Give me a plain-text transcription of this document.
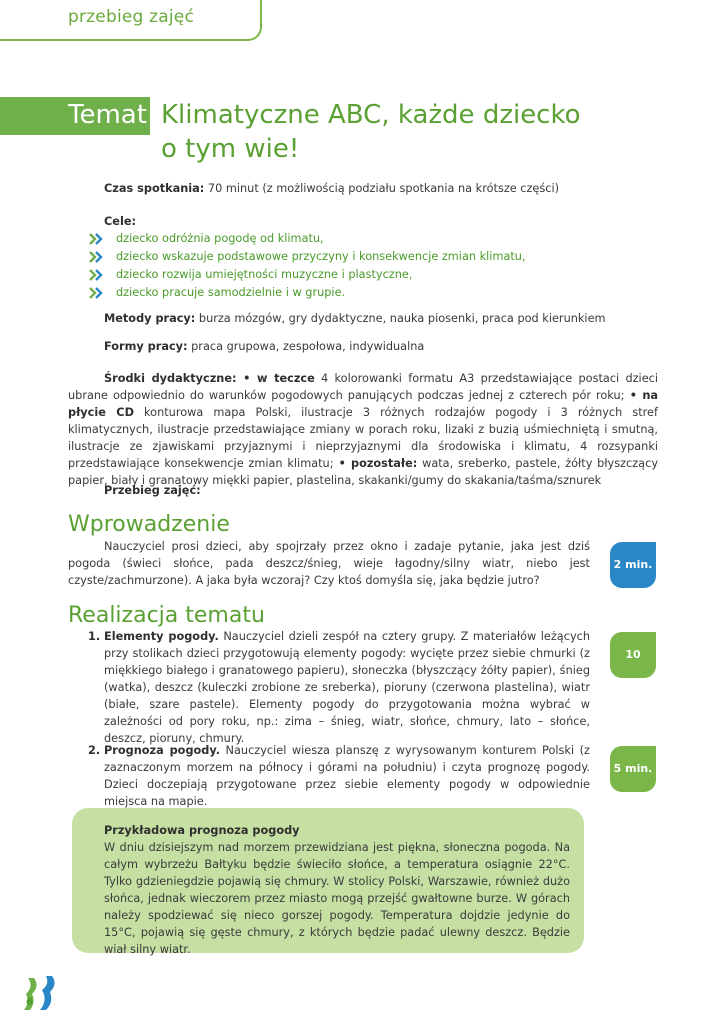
przebieg zajęć
Temat: Klimatyczne ABC, każde dziecko
o tym wie!
Czas spotkania: 70 minut (z możliwością podziału spotkania na krótsze części)
Cele:
dziecko odróżnia pogodę od klimatu,
dziecko wskazuje podstawowe przyczyny i konsekwencje zmian klimatu,
dziecko rozwija umiejętności muzyczne i plastyczne,
dziecko pracuje samodzielnie i w grupie.
Metody pracy: burza mózgów, gry dydaktyczne, nauka piosenki, praca pod kierunkiem
Formy pracy: praca grupowa, zespołowa, indywidualna
Środki dydaktyczne: • w teczce 4 kolorowanki formatu A3 przedstawiające postaci dzieci ubrane odpowiednio do warunków pogodowych panujących podczas jednej z czterech pór roku; • na płycie CD konturowa mapa Polski, ilustracje 3 różnych rodzajów pogody i 3 różnych stref klimatycznych, ilustracje przedstawiające zmiany w porach roku, lizaki z buzią uśmiechniętą i smutną, ilustracje ze zjawiskami przyjaznymi i nieprzyjaznymi dla środowiska i klimatu, 4 rozsypanki przedstawiające konsekwencje zmian klimatu; • pozostałe: wata, sreberko, pastele, żółty błyszczący papier, biały i granatowy miękki papier, plastelina, skakanki/gumy do skakania/taśma/sznurek
Przebieg zajęć:
Wprowadzenie
Nauczyciel prosi dzieci, aby spojrzały przez okno i zadaje pytanie, jaka jest dziś pogoda (świeci słońce, pada deszcz/śnieg, wieje łagodny/silny wiatr, niebo jest czyste/zachmurzone). A jaka była wczoraj? Czy ktoś domyśla się, jaka będzie jutro?
2 min.
Realizacja tematu
1. Elementy pogody. Nauczyciel dzieli zespół na cztery grupy. Z materiałów leżących przy stolikach dzieci przygotowują elementy pogody: wycięte przez siebie chmurki (z miękkiego białego i granatowego papieru), słoneczka (błyszczący żółty papier), śnieg (watka), deszcz (kuleczki zrobione ze sreberka), pioruny (czerwona plastelina), wiatr (białe, szare pastele). Elementy pogody do przygotowania można wybrać w zależności od pory roku, np.: zima – śnieg, wiatr, słońce, chmury, lato – słońce, deszcz, pioruny, chmury.
10 min.
2. Prognoza pogody. Nauczyciel wiesza planszę z wyrysowanym konturem Polski (z zaznaczonym morzem na północy i górami na południu) i czyta prognozę pogody. Dzieci doczepiają przygotowane przez siebie elementy pogody w odpowiednie miejsca na mapie.
5 min.
Przykładowa prognoza pogody

W dniu dzisiejszym nad morzem przewidziana jest piękna, słoneczna pogoda. Na całym wybrzeżu Bałtyku będzie świeciło słońce, a temperatura osiągnie 22°C. Tylko gdzieniegdzie pojawią się chmury. W stolicy Polski, Warszawie, również dużo słońca, jednak wieczorem przez miasto mogą przejść gwałtowne burze. W górach należy spodziewać się nieco gorszej pogody. Temperatura dojdzie jedynie do 15°C, pojawią się gęste chmury, z których będzie padać ulewny deszcz. Będzie wiał silny wiatr.

6
